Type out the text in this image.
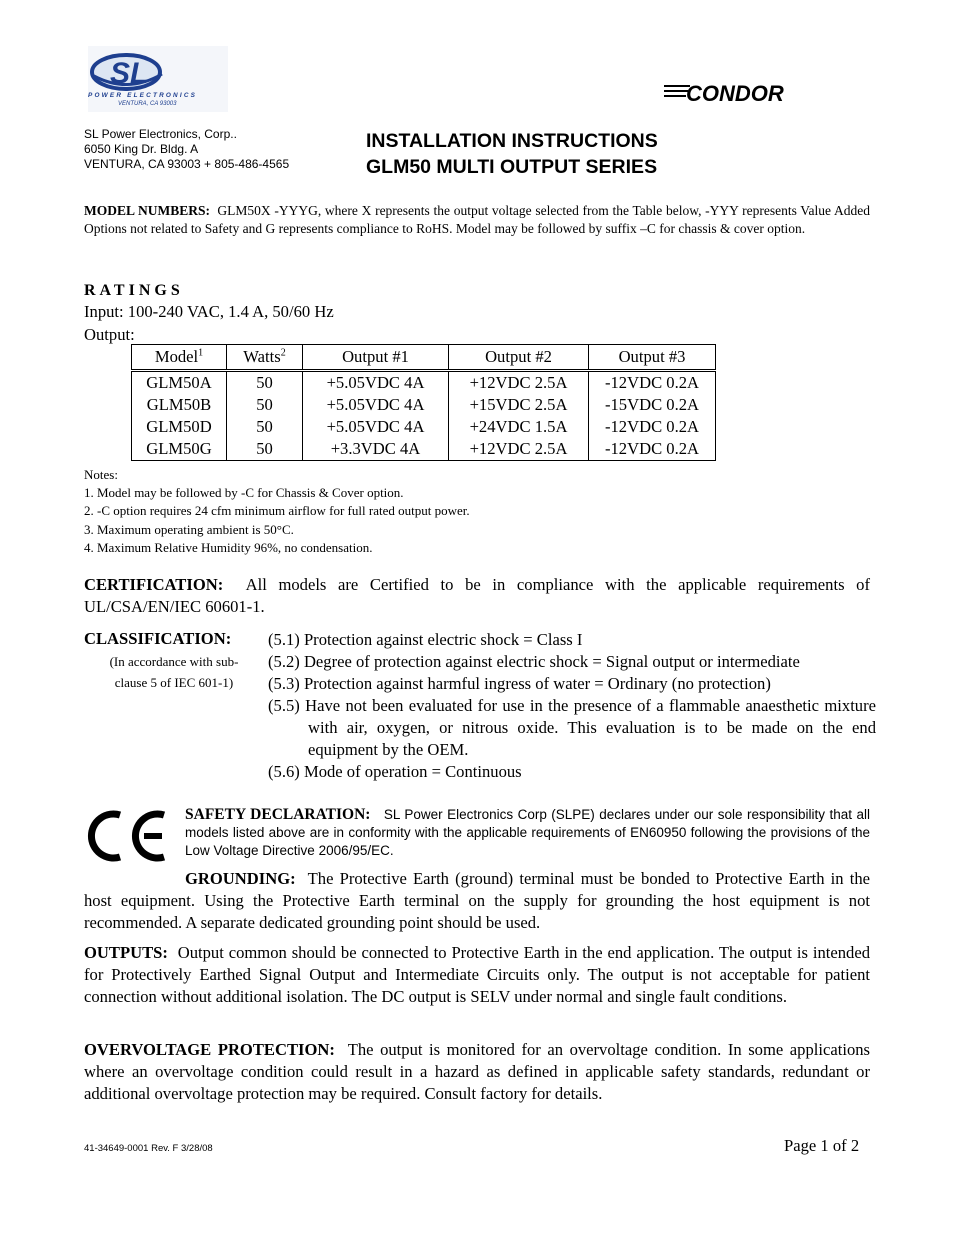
SL
POWER ELECTRONICS
VENTURA, CA 93003	CONDOR
SL Power Electronics, Corp..
6050 King Dr. Bldg. A
VENTURA, CA 93003 + 805-486-4565
INSTALLATION INSTRUCTIONS
GLM50 MULTI OUTPUT SERIES
MODEL NUMBERS: GLM50X -YYYG, where X represents the output voltage selected from the Table below, -YYY represents Value Added Options not related to Safety and G represents compliance to RoHS. Model may be followed by suffix –C for chassis & cover option.
RATINGS
Input: 100-240 VAC, 1.4 A, 50/60 Hz
Output:
Model$^1$	Watts$^2$	Output #1	Output #2	Output #3
GLM50A	50	+5.05VDC 4A	+12VDC 2.5A	-12VDC 0.2A
GLM50B	50	+5.05VDC 4A	+15VDC 2.5A	-15VDC 0.2A
GLM50D	50	+5.05VDC 4A	+24VDC 1.5A	-12VDC 0.2A
GLM50G	50	+3.3VDC 4A	+12VDC 2.5A	-12VDC 0.2A
Notes:
1. Model may be followed by -C for Chassis & Cover option.
2. -C option requires 24 cfm minimum airflow for full rated output power.
3. Maximum operating ambient is 50°C.
4. Maximum Relative Humidity 96%, no condensation.
CERTIFICATION: All models are Certified to be in compliance with the applicable requirements of UL/CSA/EN/IEC 60601-1.
CLASSIFICATION:
(In accordance with sub-
clause 5 of IEC 601-1)
(5.1) Protection against electric shock = Class I
(5.2) Degree of protection against electric shock = Signal output or intermediate
(5.3) Protection against harmful ingress of water = Ordinary (no protection)
(5.5) Have not been evaluated for use in the presence of a flammable anaesthetic mixture with air, oxygen, or nitrous oxide. This evaluation is to be made on the end equipment by the OEM.
(5.6) Mode of operation = Continuous
SAFETY DECLARATION: SL Power Electronics Corp (SLPE) declares under our sole responsibility that all models listed above are in conformity with the applicable requirements of EN60950 following the provisions of the Low Voltage Directive 2006/95/EC.
GROUNDING: The Protective Earth (ground) terminal must be bonded to Protective Earth in the host equipment. Using the Protective Earth terminal on the supply for grounding the host equipment is not recommended. A separate dedicated grounding point should be used.
OUTPUTS: Output common should be connected to Protective Earth in the end application. The output is intended for Protectively Earthed Signal Output and Intermediate Circuits only. The output is not acceptable for patient connection without additional isolation. The DC output is SELV under normal and single fault conditions.
OVERVOLTAGE PROTECTION: The output is monitored for an overvoltage condition. In some applications where an overvoltage condition could result in a hazard as defined in applicable safety standards, redundant or additional overvoltage protection may be required. Consult factory for details.
41-34649-0001 Rev. F 3/28/08	Page 1 of 2
